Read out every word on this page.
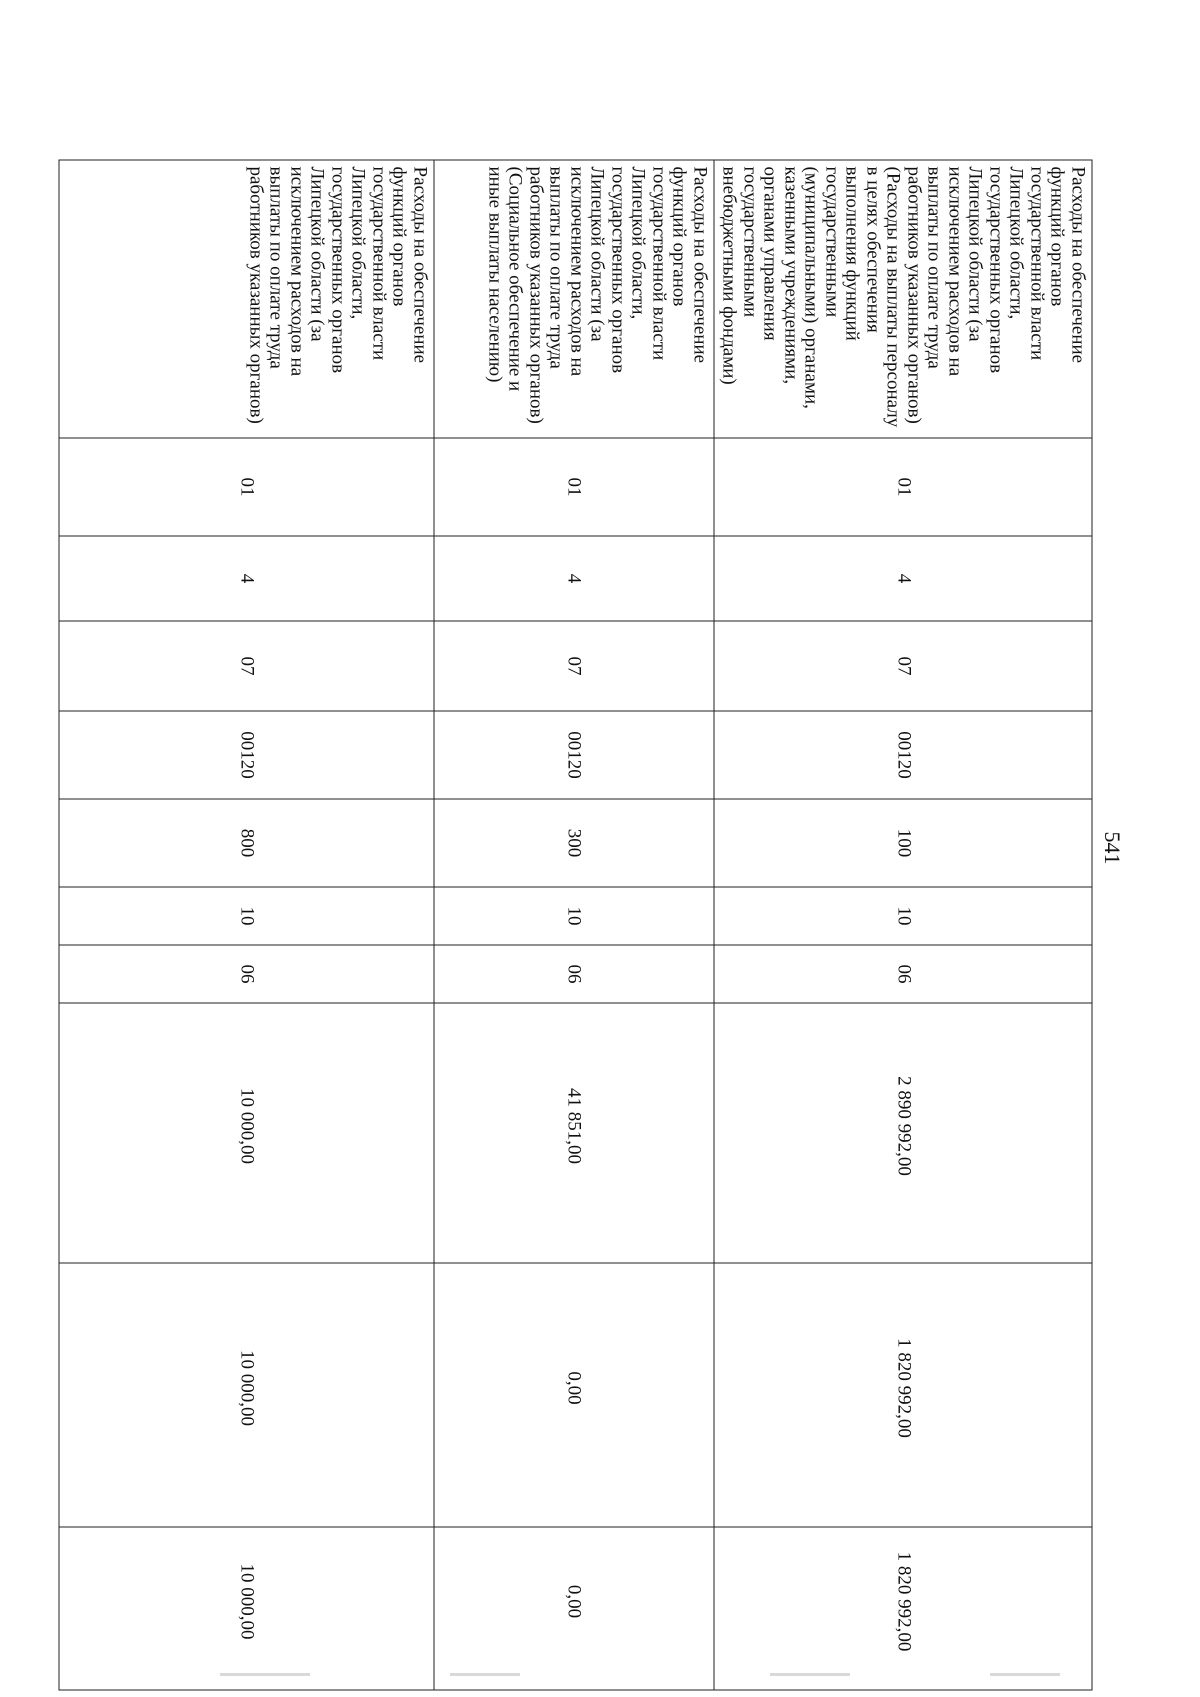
541
Расходы на обеспечение функций органов государственной власти Липецкой области, государственных органов Липецкой области (за исключением расходов на выплаты по оплате труда работников указанных органов) (Расходы на выплаты персоналу в целях обеспечения выполнения функций государственными (муниципальными) органами, казенными учреждениями, органами управления государственными внебюджетными фондами)	01	4	07	00120	100	10	06	2 890 992,00	1 820 992,00	1 820 992,00
Расходы на обеспечение функций органов государственной власти Липецкой области, государственных органов Липецкой области (за исключением расходов на выплаты по оплате труда работников указанных органов) (Социальное обеспечение и иные выплаты населению)	01	4	07	00120	300	10	06	41 851,00	0,00	0,00
Расходы на обеспечение функций органов государственной власти Липецкой области, государственных органов Липецкой области (за исключением расходов на выплаты по оплате труда работников указанных органов)	01	4	07	00120	800	10	06	10 000,00	10 000,00	10 000,00
